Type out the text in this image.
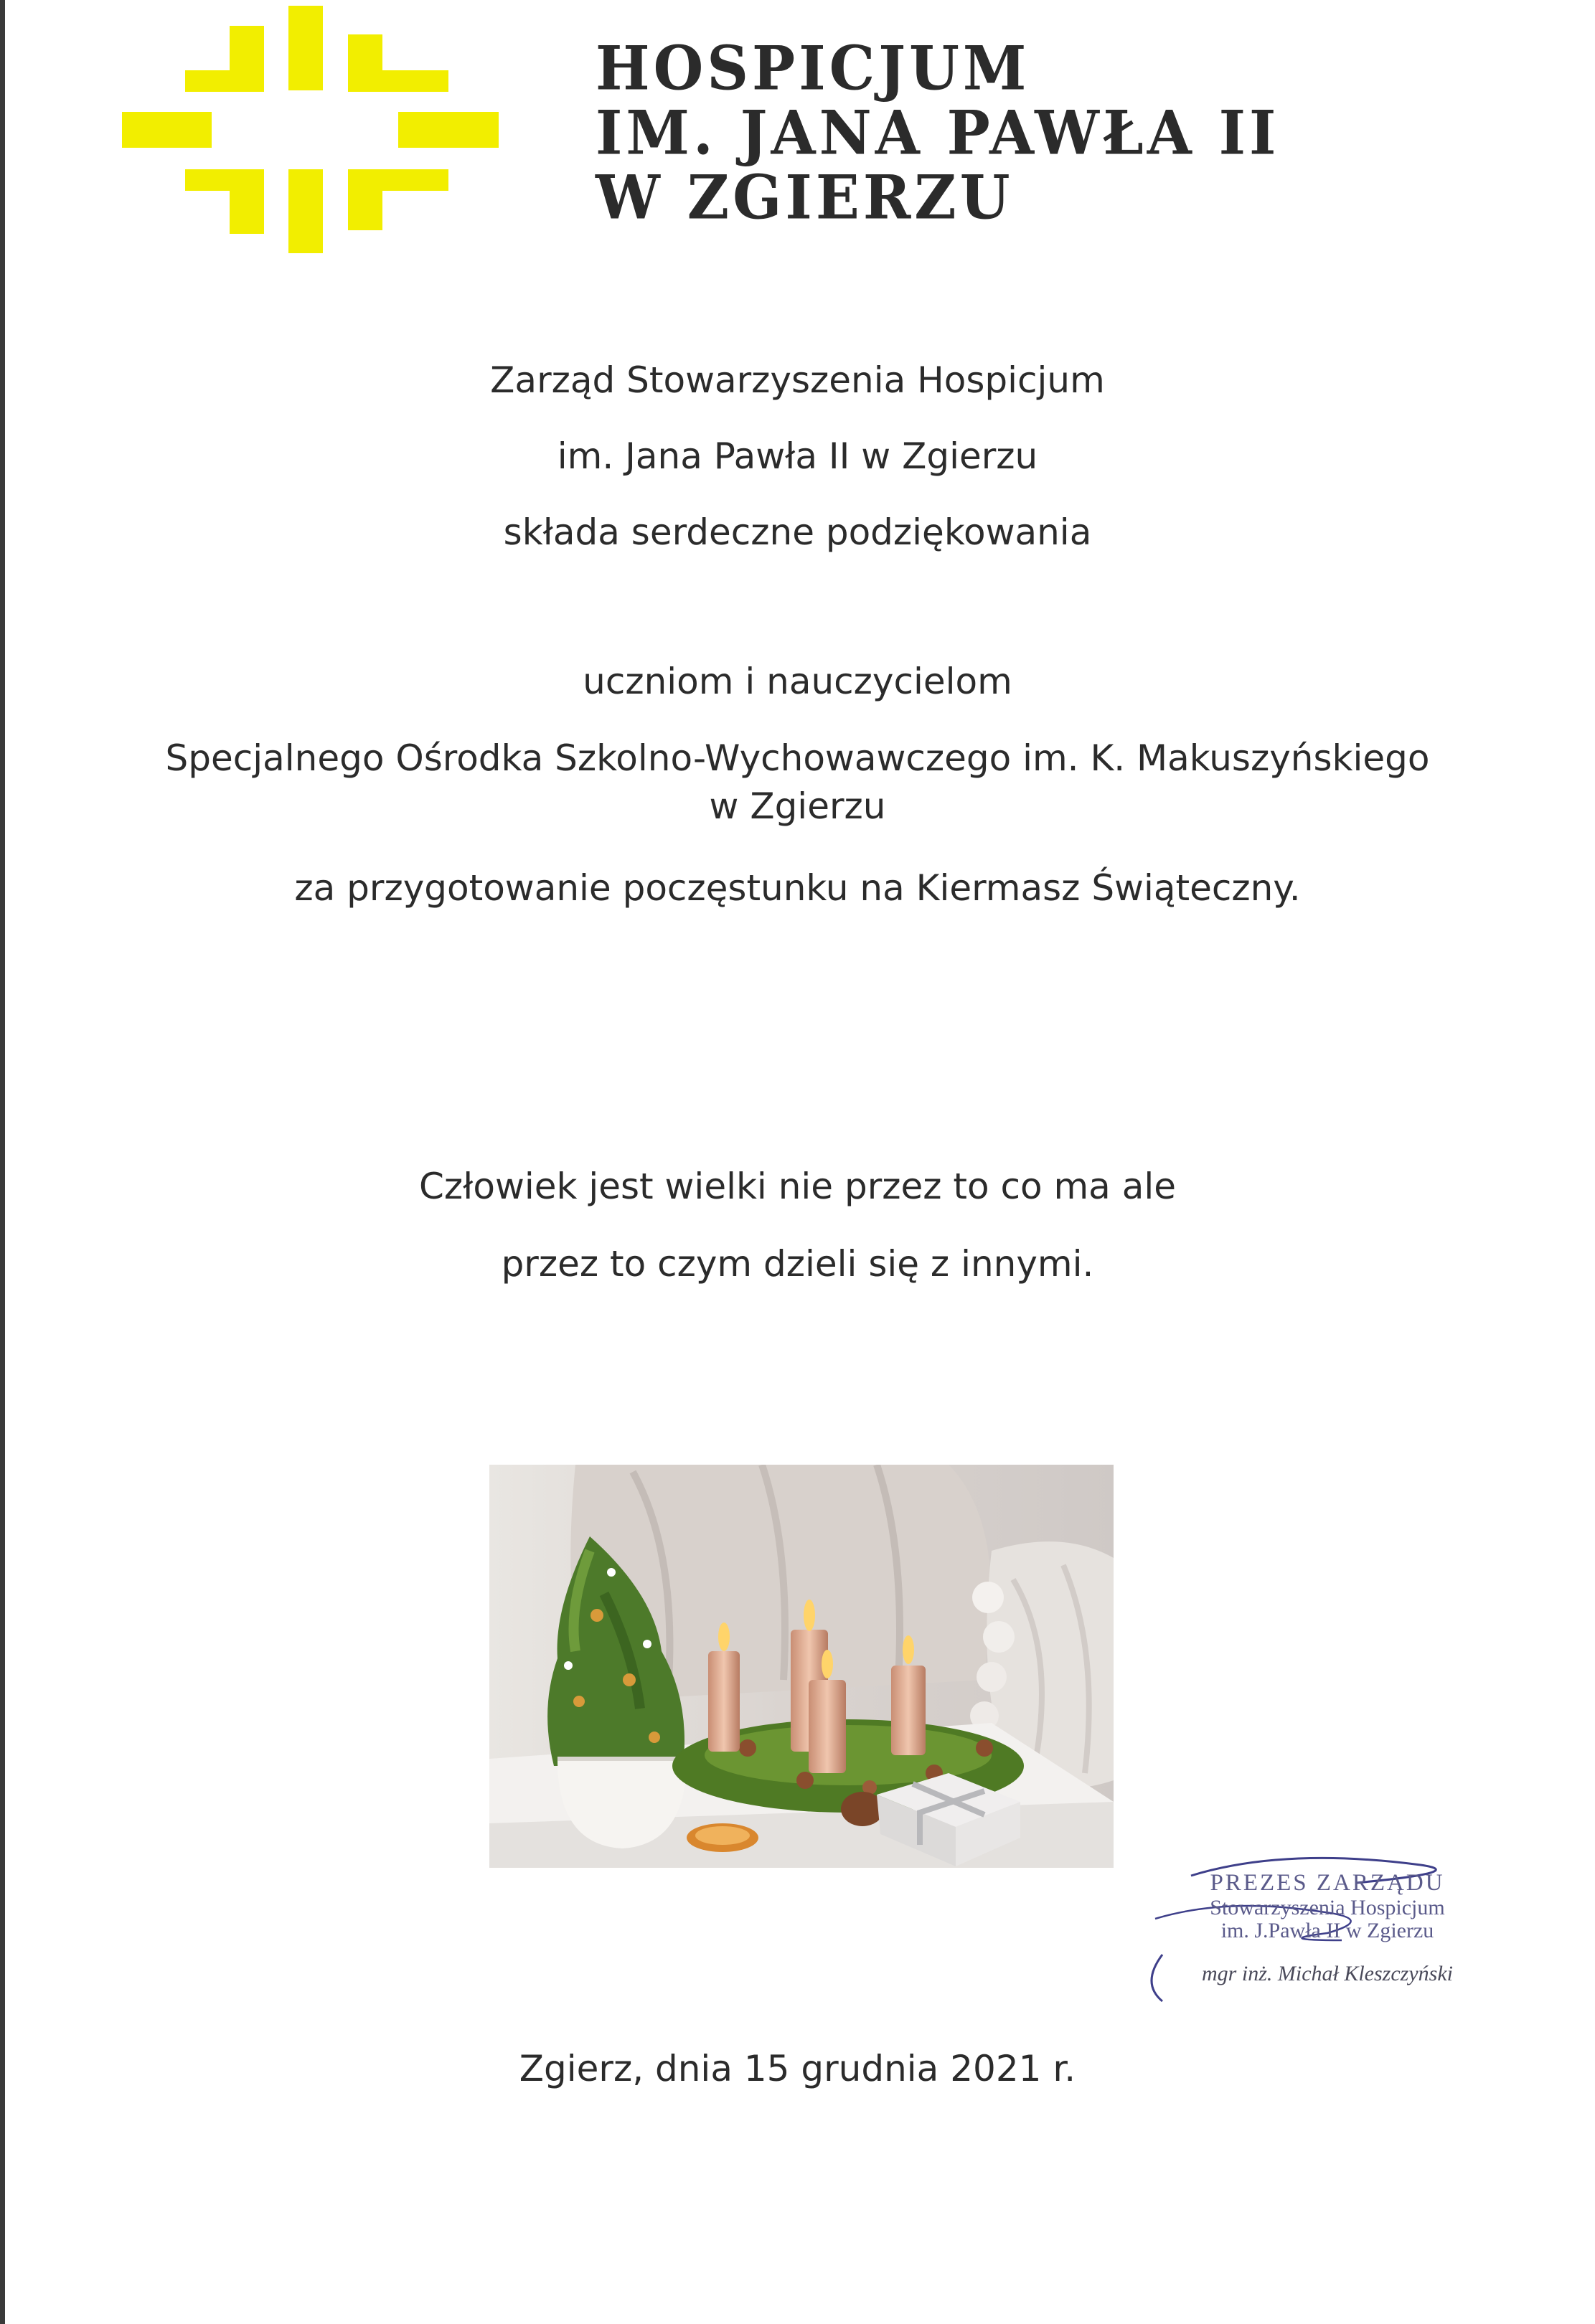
HOSPICJUM
IM. JANA PAWŁA II
W ZGIERZU

Zarząd Stowarzyszenia Hospicjum

im. Jana Pawła II w Zgierzu

składa serdeczne podziękowania

uczniom i nauczycielom

Specjalnego Ośrodka Szkolno-Wychowawczego im. K. Makuszyńskiego

w Zgierzu

za przygotowanie poczęstunku na Kiermasz Świąteczny.

Człowiek jest wielki nie przez to co ma ale

przez to czym dzieli się z innymi.

PREZES ZARZĄDU
Stowarzyszenia Hospicjum
im. J.Pawła II w Zgierzu
mgr inż. Michał Kleszczyński

Zgierz, dnia 15 grudnia 2021 r.
